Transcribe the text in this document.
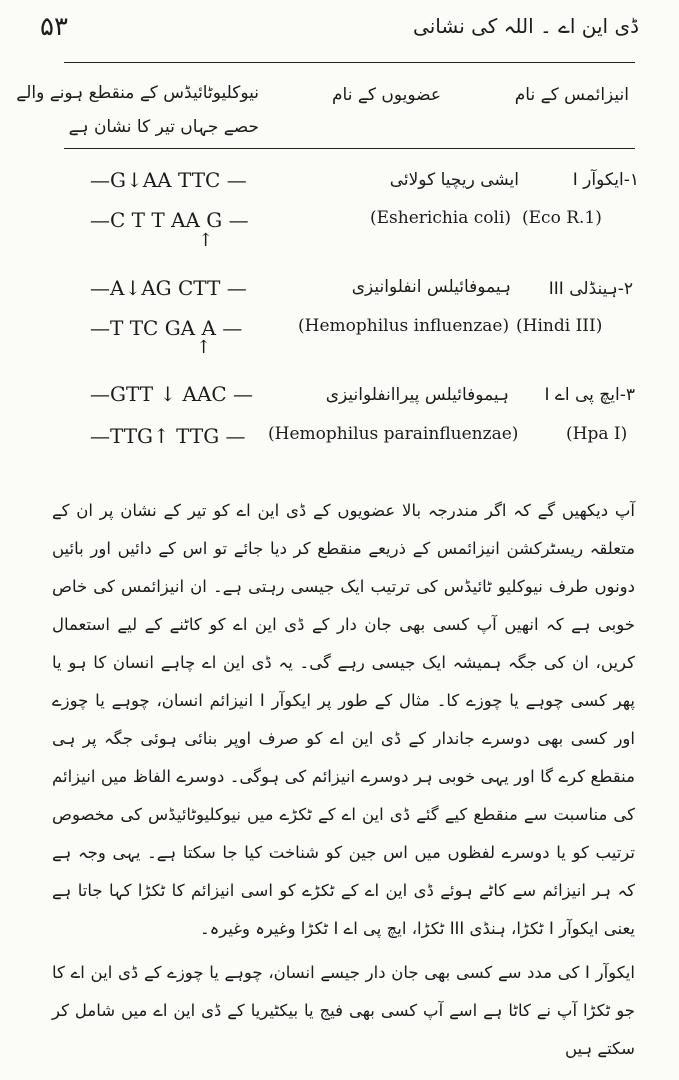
۵۳	ڈی این اے ۔ اللہ کی نشانی
انیزائمس کے نام
عضویوں کے نام
نیوکلیوٹائیڈس کے منقطع ہونے والے
حصے جہاں تیر کا نشان ہے
۱-ایکوآر I
ایشی ریچیا کولائی
—G↓AA TTC —
(Esherichia coli) (Eco R.1)
—C T T AA G —
↑
۲-ہینڈلی III
ہیموفائیلس انفلوانیزی
—A↓AG CTT —
(Hemophilus influenzae) (Hindi III)
—T TC GA A —
↑
۳-ایچ پی اے I
ہیموفائیلس پیراانفلوانیزی
—GTT ↓ AAC —
(Hemophilus parainfluenzae)	(Hpa I)
—TTG↑ TTG —

آپ دیکھیں گے کہ اگر مندرجہ بالا عضویوں کے ڈی این اے کو تیر کے نشان پر ان کے متعلقہ ریسٹرکشن انیزائمس کے ذریعے منقطع کر دیا جائے تو اس کے دائیں اور بائیں دونوں طرف نیوکلیو ٹائیڈس کی ترتیب ایک جیسی رہتی ہے۔ ان انیزائمس کی خاص خوبی ہے کہ انھیں آپ کسی بھی جان دار کے ڈی این اے کو کاٹنے کے لیے استعمال کریں، ان کی جگہ ہمیشہ ایک جیسی رہے گی۔ یہ ڈی این اے چاہے انسان کا ہو یا پھر کسی چوہے یا چوزے کا۔ مثال کے طور پر ایکوآر I انیزائم انسان، چوہے یا چوزے اور کسی بھی دوسرے جاندار کے ڈی این اے کو صرف اوپر بنائی ہوئی جگہ پر ہی منقطع کرے گا اور یہی خوبی ہر دوسرے انیزائم کی ہوگی۔ دوسرے الفاظ میں انیزائم کی مناسبت سے منقطع کیے گئے ڈی این اے کے ٹکڑے میں نیوکلیوٹائیڈس کی مخصوص ترتیب کو یا دوسرے لفظوں میں اس جین کو شناخت کیا جا سکتا ہے۔ یہی وجہ ہے کہ ہر انیزائم سے کاٹے ہوئے ڈی این اے کے ٹکڑے کو اسی انیزائم کا ٹکڑا کہا جاتا ہے یعنی ایکوآر I ٹکڑا، ہنڈی III ٹکڑا، ایچ پی اے I ٹکڑا وغیرہ وغیرہ۔

ایکوآر I کی مدد سے کسی بھی جان دار جیسے انسان، چوہے یا چوزے کے ڈی این اے کا جو ٹکڑا آپ نے کاٹا ہے اسے آپ کسی بھی فیج یا بیکٹیریا کے ڈی این اے میں شامل کر سکتے ہیں
